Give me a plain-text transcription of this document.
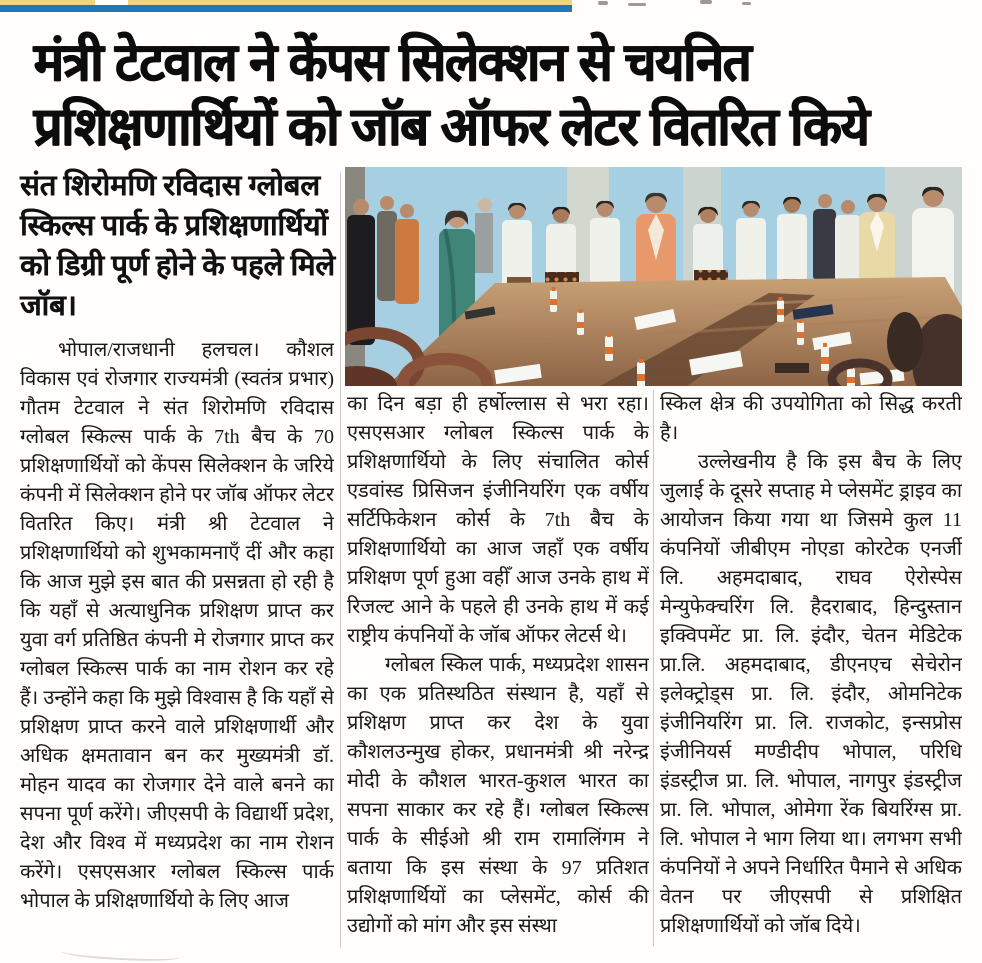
मंत्री टेटवाल ने केंपस सिलेक्शन से चयनित
प्रशिक्षणार्थियों को जॉब ऑफर लेटर वितरित किये
संत शिरोमणि रविदास ग्लोबल स्किल्स पार्क के प्रशिक्षणार्थियों को डिग्री पूर्ण होने के पहले मिले जॉब।

भोपाल/राजधानी हलचल। कौशल विकास एवं रोजगार राज्यमंत्री (स्वतंत्र प्रभार) गौतम टेटवाल ने संत शिरोमणि रविदास ग्लोबल स्किल्स पार्क के 7th बैच के 70 प्रशिक्षणार्थियों को केंपस सिलेक्शन के जरिये कंपनी में सिलेक्शन होने पर जॉब ऑफर लेटर वितरित किए। मंत्री श्री टेटवाल ने प्रशिक्षणार्थियो को शुभकामनाएँ दीं और कहा कि आज मुझे इस बात की प्रसन्नता हो रही है कि यहाँ से अत्याधुनिक प्रशिक्षण प्राप्त कर युवा वर्ग प्रतिष्ठित कंपनी मे रोजगार प्राप्त कर ग्लोबल स्किल्स पार्क का नाम रोशन कर रहे हैं। उन्होंने कहा कि मुझे विश्वास है कि यहाँ से प्रशिक्षण प्राप्त करने वाले प्रशिक्षणार्थी और अधिक क्षमतावान बन कर मुख्यमंत्री डॉ. मोहन यादव का रोजगार देने वाले बनने का सपना पूर्ण करेंगे। जीएसपी के विद्यार्थी प्रदेश, देश और विश्व में मध्यप्रदेश का नाम रोशन करेंगे। एसएसआर ग्लोबल स्किल्स पार्क भोपाल के प्रशिक्षणार्थियो के लिए आज

का दिन बड़ा ही हर्षोल्लास से भरा रहा। एसएसआर ग्लोबल स्किल्स पार्क के प्रशिक्षणार्थियो के लिए संचालित कोर्स एडवांस्ड प्रिसिजन इंजीनियरिंग एक वर्षीय सर्टिफिकेशन कोर्स के 7th बैच के प्रशिक्षणार्थियो का आज जहाँ एक वर्षीय प्रशिक्षण पूर्ण हुआ वहीँ आज उनके हाथ में रिजल्ट आने के पहले ही उनके हाथ में कई राष्ट्रीय कंपनियों के जॉब ऑफर लेटर्स थे।

ग्लोबल स्किल पार्क, मध्यप्रदेश शासन का एक प्रतिस्थठित संस्थान है, यहाँ से प्रशिक्षण प्राप्त कर देश के युवा कौशलउन्मुख होकर, प्रधानमंत्री श्री नरेन्द्र मोदी के कौशल भारत-कुशल भारत का सपना साकार कर रहे हैं। ग्लोबल स्किल्स पार्क के सीईओ श्री राम रामालिंगम ने बताया कि इस संस्था के 97 प्रतिशत प्रशिक्षणार्थियों का प्लेसमेंट, कोर्स की उद्योगों को मांग और इस संस्था

स्किल क्षेत्र की उपयोगिता को सिद्ध करती है।

उल्लेखनीय है कि इस बैच के लिए जुलाई के दूसरे सप्ताह मे प्लेसमेंट ड्राइव का आयोजन किया गया था जिसमे कुल 11 कंपनियों जीबीएम नोएडा कोरटेक एनर्जी लि. अहमदाबाद, राघव ऐरोस्पेस मेन्युफेक्चरिंग लि. हैदराबाद, हिन्दुस्तान इक्विपमेंट प्रा. लि. इंदौर, चेतन मेडिटेक प्रा.लि. अहमदाबाद, डीएनएच सेचेरोन इलेक्ट्रोड्स प्रा. लि. इंदौर, ओमनिटेक इंजीनियरिंग प्रा. लि. राजकोट, इन्सप्रोस इंजीनियर्स मण्डीदीप भोपाल, परिधि इंडस्ट्रीज प्रा. लि. भोपाल, नागपुर इंडस्ट्रीज प्रा. लि. भोपाल, ओमेगा रेंक बियरिंग्स प्रा. लि. भोपाल ने भाग लिया था। लगभग सभी कंपनियों ने अपने निर्धारित पैमाने से अधिक वेतन पर जीएसपी से प्रशिक्षित प्रशिक्षणार्थियों को जॉब दिये।
